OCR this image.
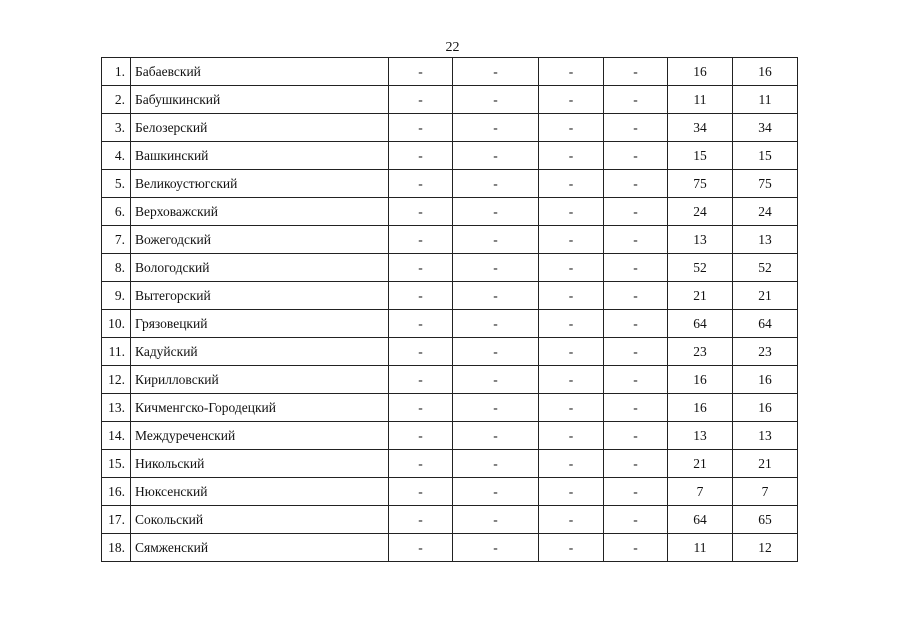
22
1.	Бабаевский	-	-	-	-	16	16
2.	Бабушкинский	-	-	-	-	11	11
3.	Белозерский	-	-	-	-	34	34
4.	Вашкинский	-	-	-	-	15	15
5.	Великоустюгский	-	-	-	-	75	75
6.	Верховажский	-	-	-	-	24	24
7.	Вожегодский	-	-	-	-	13	13
8.	Вологодский	-	-	-	-	52	52
9.	Вытегорский	-	-	-	-	21	21
10.	Грязовецкий	-	-	-	-	64	64
11.	Кадуйский	-	-	-	-	23	23
12.	Кирилловский	-	-	-	-	16	16
13.	Кичменгско-Городецкий	-	-	-	-	16	16
14.	Междуреченский	-	-	-	-	13	13
15.	Никольский	-	-	-	-	21	21
16.	Нюксенский	-	-	-	-	7	7
17.	Сокольский	-	-	-	-	64	65
18.	Сямженский	-	-	-	-	11	12
